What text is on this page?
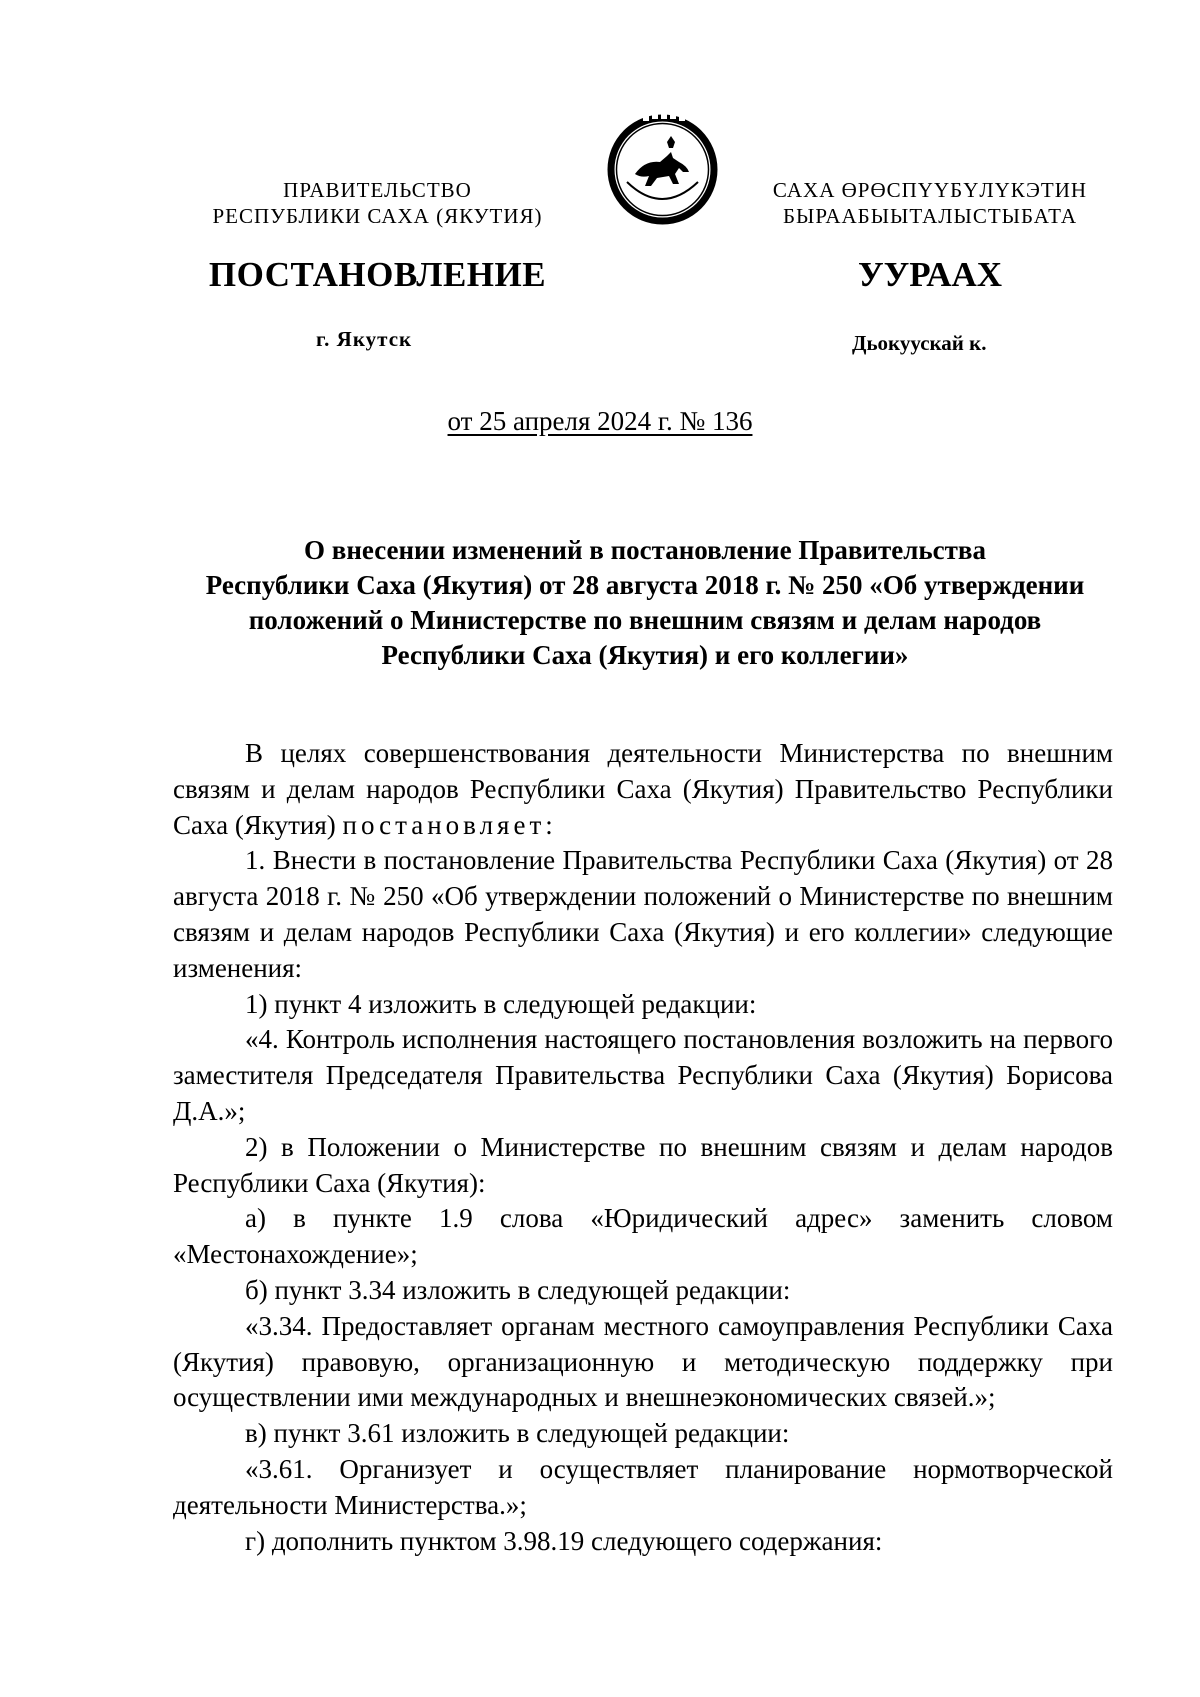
ПРАВИТЕЛЬСТВО
РЕСПУБЛИКИ САХА (ЯКУТИЯ)
САХА ӨРӨСПҮҮБҮЛҮКЭТИН
БЫРААБЫЫТАЛЫСТЫБАТА
ПОСТАНОВЛЕНИЕ	УУРААХ
г. Якутск	Дьокуускай к.
от 25 апреля 2024 г. № 136
О внесении изменений в постановление Правительства
Республики Саха (Якутия) от 28 августа 2018 г. № 250 «Об утверждении
положений о Министерстве по внешним связям и делам народов
Республики Саха (Якутия) и его коллегии»

В целях совершенствования деятельности Министерства по внешним связям и делам народов Республики Саха (Якутия) Правительство Республики Саха (Якутия) постановляет:

1. Внести в постановление Правительства Республики Саха (Якутия) от 28 августа 2018 г. № 250 «Об утверждении положений о Министерстве по внешним связям и делам народов Республики Саха (Якутия) и его коллегии» следующие изменения:

1) пункт 4 изложить в следующей редакции:

«4. Контроль исполнения настоящего постановления возложить на первого заместителя Председателя Правительства Республики Саха (Якутия) Борисова Д.А.»;

2) в Положении о Министерстве по внешним связям и делам народов Республики Саха (Якутия):

а) в пункте 1.9 слова «Юридический адрес» заменить словом «Местонахождение»;

б) пункт 3.34 изложить в следующей редакции:

«3.34. Предоставляет органам местного самоуправления Республики Саха (Якутия) правовую, организационную и методическую поддержку при осуществлении ими международных и внешнеэкономических связей.»;

в) пункт 3.61 изложить в следующей редакции:

«3.61. Организует и осуществляет планирование нормотворческой деятельности Министерства.»;

г) дополнить пунктом 3.98.19 следующего содержания:
